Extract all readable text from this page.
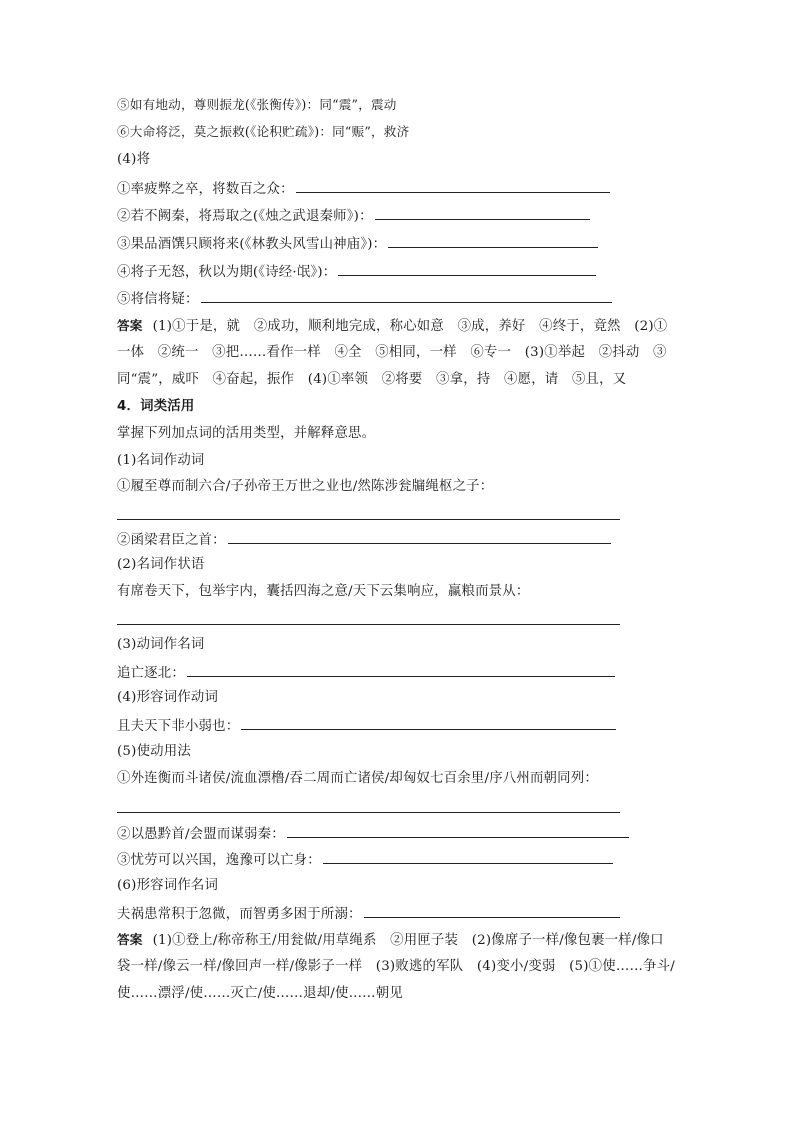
⑤如有地动，尊则振龙(《张衡传》)：同“震”，震动
⑥大命将泛，莫之振救(《论积贮疏》)：同“赈”，救济
(4)将
①率疲弊之卒，将数百之众：
②若不阙秦，将焉取之(《烛之武退秦师》)：
③果品酒馔只顾将来(《林教头风雪山神庙》)：
④将子无怒，秋以为期(《诗经·氓》)：
⑤将信将疑：
答案 (1)①于是，就　②成功，顺利地完成，称心如意　③成，养好　④终于，竟然　(2)①
一体　②统一　③把……看作一样　④全　⑤相同，一样　⑥专一　(3)①举起　②抖动　③
同“震”，威吓　④奋起，振作　(4)①率领　②将要　③拿，持　④愿，请　⑤且，又
4．词类活用
掌握下列加点词的活用类型，并解释意思。
(1)名词作动词
①履至尊而制六合/子孙帝王万世之业也/然陈涉瓮牖绳枢之子：
②函梁君臣之首：
(2)名词作状语
有席卷天下，包举宇内，囊括四海之意/天下云集响应，赢粮而景从：
(3)动词作名词
追亡逐北：
(4)形容词作动词
且夫天下非小弱也：
(5)使动用法
①外连衡而斗诸侯/流血漂橹/吞二周而亡诸侯/却匈奴七百余里/序八州而朝同列：
②以愚黔首/会盟而谋弱秦：
③忧劳可以兴国，逸豫可以亡身：
(6)形容词作名词
夫祸患常积于忽微，而智勇多困于所溺：
答案 (1)①登上/称帝称王/用瓮做/用草绳系　②用匣子装　(2)像席子一样/像包裹一样/像口
袋一样/像云一样/像回声一样/像影子一样　(3)败逃的军队　(4)变小/变弱　(5)①使……争斗/
使……漂浮/使……灭亡/使……退却/使……朝见
